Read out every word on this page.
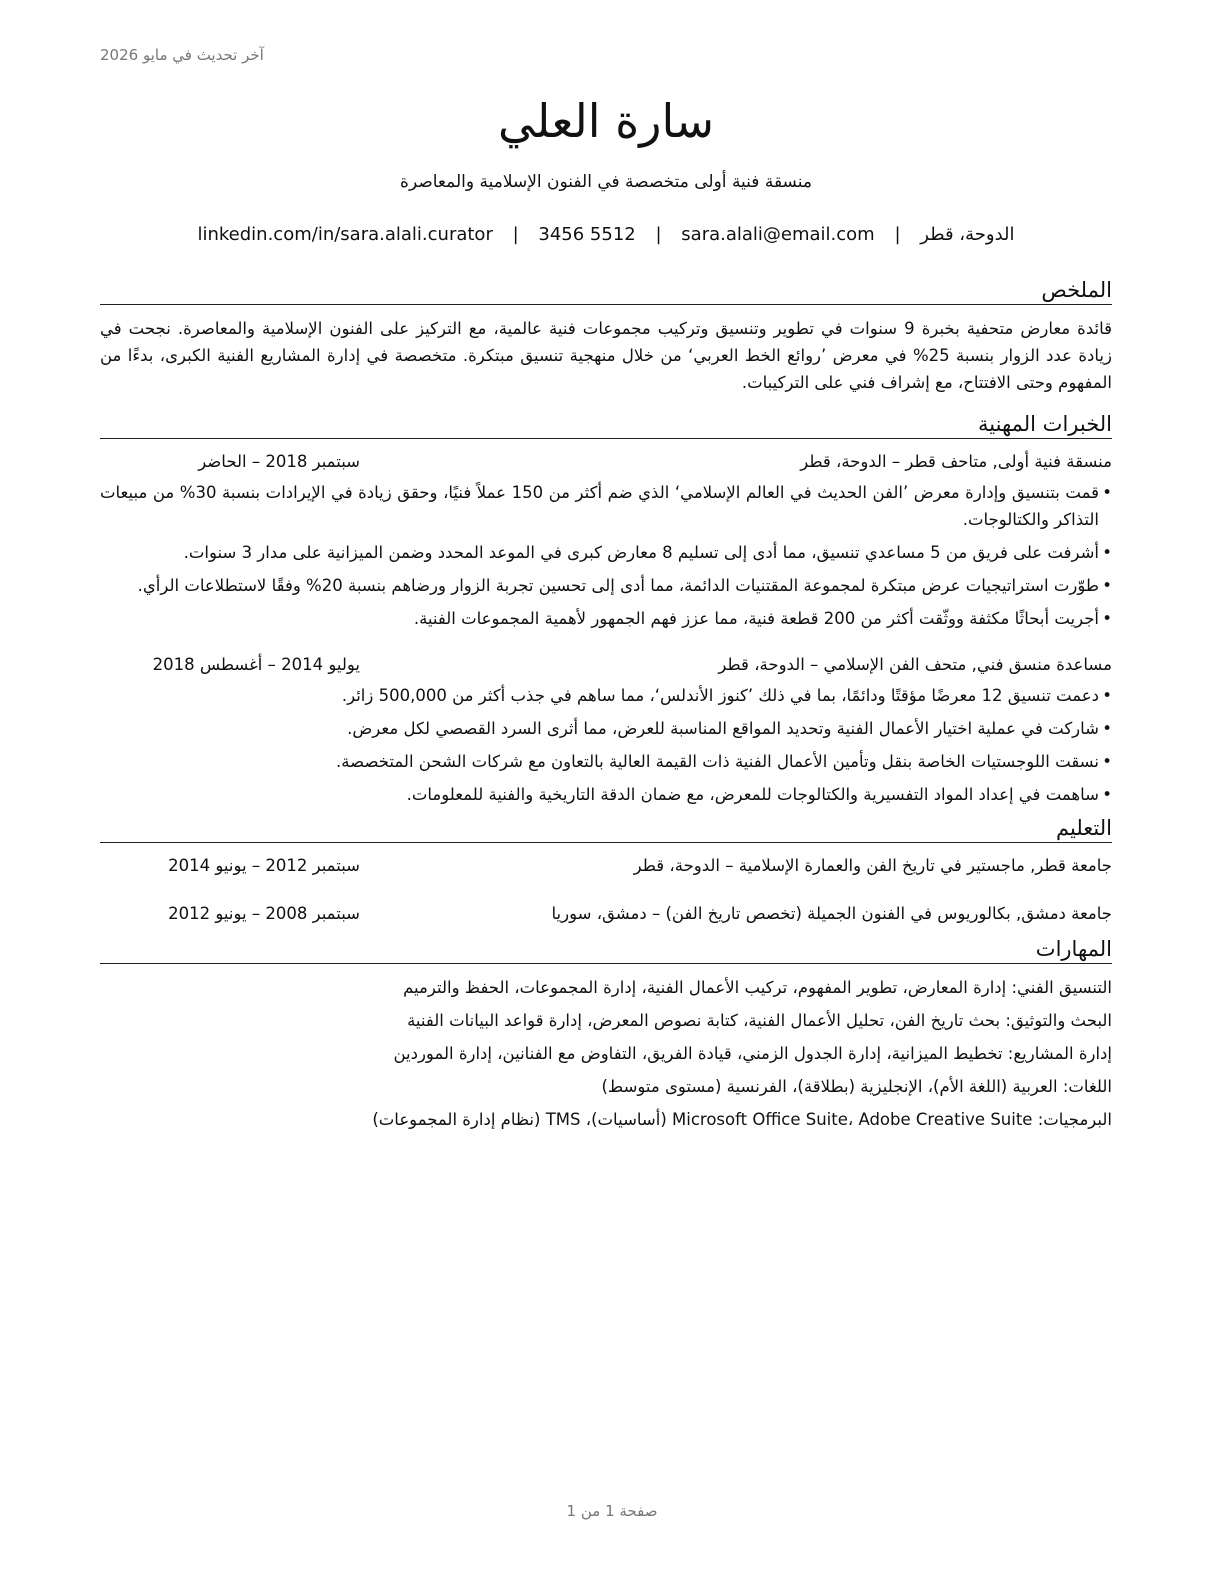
آخر تحديث في مايو 2026
سارة العلي
منسقة فنية أولى متخصصة في الفنون الإسلامية والمعاصرة
الدوحة، قطر | sara.alali@email.com | 3456 5512 | linkedin.com/in/sara.alali.curator
الملخص

قائدة معارض متحفية بخبرة 9 سنوات في تطوير وتنسيق وتركيب مجموعات فنية عالمية، مع التركيز على الفنون الإسلامية والمعاصرة. نجحت في زيادة عدد الزوار بنسبة 25% في معرض ’روائع الخط العربي‘ من خلال منهجية تنسيق مبتكرة. متخصصة في إدارة المشاريع الفنية الكبرى، بدءًا من المفهوم وحتى الافتتاح، مع إشراف فني على التركيبات.

الخبرات المهنية
منسقة فنية أولى, متاحف قطر – الدوحة، قطر
سبتمبر 2018 – الحاضر
• قمت بتنسيق وإدارة معرض ’الفن الحديث في العالم الإسلامي‘ الذي ضم أكثر من 150 عملاً فنيًا، وحقق زيادة في الإيرادات بنسبة 30% من مبيعات التذاكر والكتالوجات.
• أشرفت على فريق من 5 مساعدي تنسيق، مما أدى إلى تسليم 8 معارض كبرى في الموعد المحدد وضمن الميزانية على مدار 3 سنوات.
• طوّرت استراتيجيات عرض مبتكرة لمجموعة المقتنيات الدائمة، مما أدى إلى تحسين تجربة الزوار ورضاهم بنسبة 20% وفقًا لاستطلاعات الرأي.
• أجريت أبحاثًا مكثفة ووثّقت أكثر من 200 قطعة فنية، مما عزز فهم الجمهور لأهمية المجموعات الفنية.
مساعدة منسق فني, متحف الفن الإسلامي – الدوحة، قطر
يوليو 2014 – أغسطس 2018
• دعمت تنسيق 12 معرضًا مؤقتًا ودائمًا، بما في ذلك ’كنوز الأندلس‘، مما ساهم في جذب أكثر من 500,000 زائر.
• شاركت في عملية اختيار الأعمال الفنية وتحديد المواقع المناسبة للعرض، مما أثرى السرد القصصي لكل معرض.
• نسقت اللوجستيات الخاصة بنقل وتأمين الأعمال الفنية ذات القيمة العالية بالتعاون مع شركات الشحن المتخصصة.
• ساهمت في إعداد المواد التفسيرية والكتالوجات للمعرض، مع ضمان الدقة التاريخية والفنية للمعلومات.
التعليم
جامعة قطر, ماجستير في تاريخ الفن والعمارة الإسلامية – الدوحة، قطر
سبتمبر 2012 – يونيو 2014
جامعة دمشق, بكالوريوس في الفنون الجميلة (تخصص تاريخ الفن) – دمشق، سوريا
سبتمبر 2008 – يونيو 2012
المهارات
التنسيق الفني: إدارة المعارض، تطوير المفهوم، تركيب الأعمال الفنية، إدارة المجموعات، الحفظ والترميم
البحث والتوثيق: بحث تاريخ الفن، تحليل الأعمال الفنية، كتابة نصوص المعرض، إدارة قواعد البيانات الفنية
إدارة المشاريع: تخطيط الميزانية، إدارة الجدول الزمني، قيادة الفريق، التفاوض مع الفنانين، إدارة الموردين
اللغات: العربية (اللغة الأم)، الإنجليزية (بطلاقة)، الفرنسية (مستوى متوسط)
البرمجيات: Microsoft Office Suite، Adobe Creative Suite (أساسيات)، TMS (نظام إدارة المجموعات)
صفحة 1 من 1
